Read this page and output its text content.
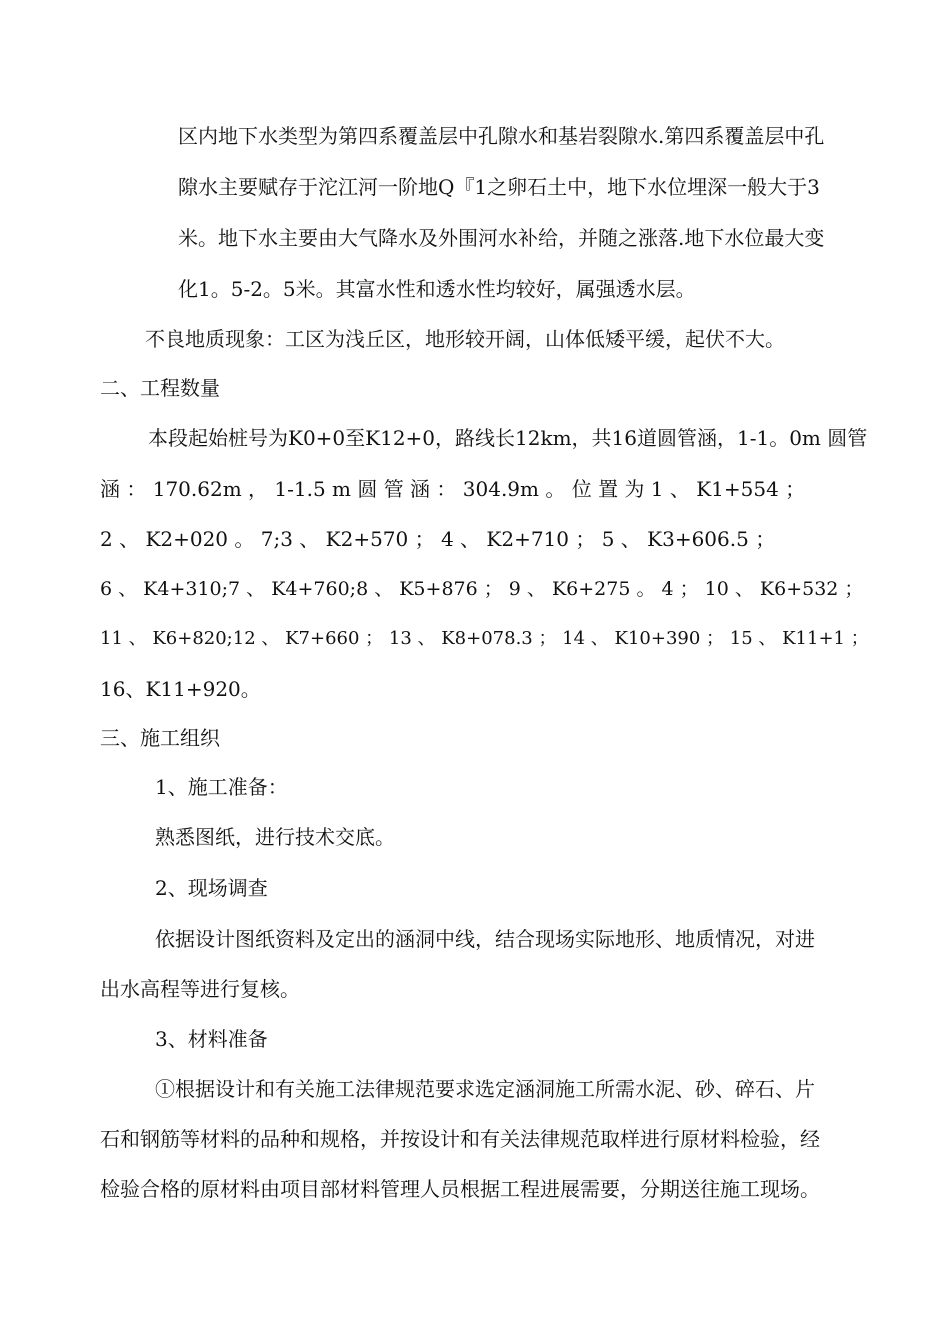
区内地下水类型为第四系覆盖层中孔隙水和基岩裂隙水.第四系覆盖层中孔
隙水主要赋存于沱江河一阶地Q『1之卵石土中，地下水位埋深一般大于3
米。地下水主要由大气降水及外围河水补给，并随之涨落.地下水位最大变
化1。5-2。5米。其富水性和透水性均较好，属强透水层。
不良地质现象：工区为浅丘区，地形较开阔，山体低矮平缓，起伏不大。
二、工程数量
本段起始桩号为K0+0至K12+0，路线长12km，共16道圆管涵，1-1。0m 圆管
涵 ： 170.62m ， 1-1.5 m 圆 管 涵 ： 304.9m 。 位 置 为 1 、 K1+554 ；
2 、 K2+020 。 7;3 、 K2+570 ； 4 、 K2+710 ； 5 、 K3+606.5 ；
6 、 K4+310;7 、 K4+760;8 、 K5+876 ； 9 、 K6+275 。 4 ； 10 、 K6+532 ；
11 、 K6+820;12 、 K7+660 ； 13 、 K8+078.3 ； 14 、 K10+390 ； 15 、 K11+1 ；
16、K11+920。
三、施工组织
1、施工准备：
熟悉图纸，进行技术交底。
2、现场调查
依据设计图纸资料及定出的涵洞中线，结合现场实际地形、地质情况，对进
出水高程等进行复核。
3、材料准备
①根据设计和有关施工法律规范要求选定涵洞施工所需水泥、砂、碎石、片
石和钢筋等材料的品种和规格，并按设计和有关法律规范取样进行原材料检验，经
检验合格的原材料由项目部材料管理人员根据工程进展需要，分期送往施工现场。
